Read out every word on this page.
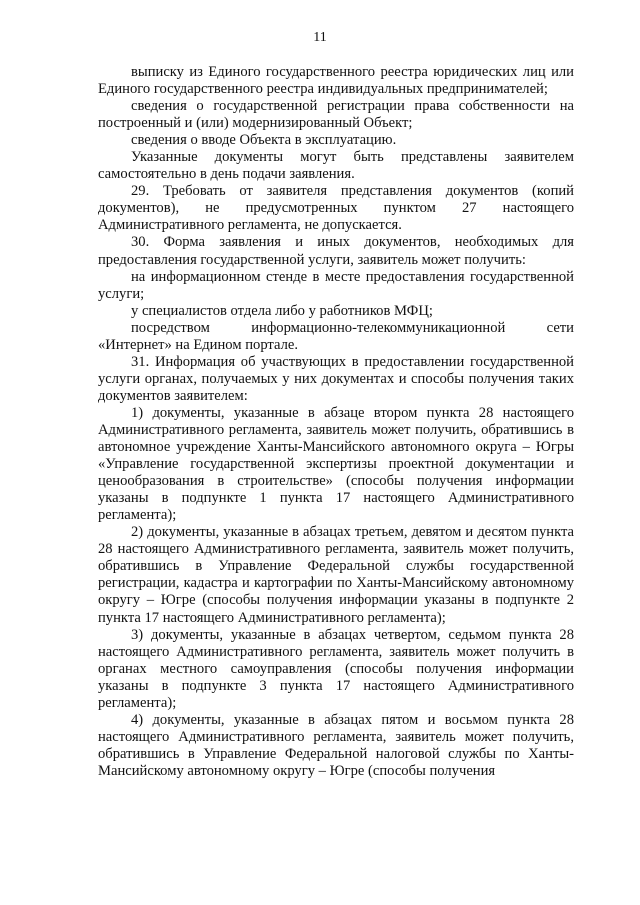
11

выписку из Единого государственного реестра юридических лиц или Единого государственного реестра индивидуальных предпринимателей;

сведения о государственной регистрации права собственности на построенный и (или) модернизированный Объект;

сведения о вводе Объекта в эксплуатацию.

Указанные документы могут быть представлены заявителем самостоятельно в день подачи заявления.

29. Требовать от заявителя представления документов (копий документов), не предусмотренных пунктом 27 настоящего Административного регламента, не допускается.

30. Форма заявления и иных документов, необходимых для предоставления государственной услуги, заявитель может получить:

на информационном стенде в месте предоставления государственной услуги;

у специалистов отдела либо у работников МФЦ;

посредством информационно-телекоммуникационной сети «Интернет» на Едином портале.

31. Информация об участвующих в предоставлении государственной услуги органах, получаемых у них документах и способы получения таких документов заявителем:

1) документы, указанные в абзаце втором пункта 28 настоящего Административного регламента, заявитель может получить, обратившись в автономное учреждение Ханты-Мансийского автономного округа – Югры «Управление государственной экспертизы проектной документации и ценообразования в строительстве» (способы получения информации указаны в подпункте 1 пункта 17 настоящего Административного регламента);

2) документы, указанные в абзацах третьем, девятом и десятом пункта 28 настоящего Административного регламента, заявитель может получить, обратившись в Управление Федеральной службы государственной регистрации, кадастра и картографии по Ханты-Мансийскому автономному округу – Югре (способы получения информации указаны в подпункте 2 пункта 17 настоящего Административного регламента);

3) документы, указанные в абзацах четвертом, седьмом пункта 28 настоящего Административного регламента, заявитель может получить в органах местного самоуправления (способы получения информации указаны в подпункте 3 пункта 17 настоящего Административного регламента);

4) документы, указанные в абзацах пятом и восьмом пункта 28 настоящего Административного регламента, заявитель может получить, обратившись в Управление Федеральной налоговой службы по Ханты-Мансийскому автономному округу – Югре (способы получения
